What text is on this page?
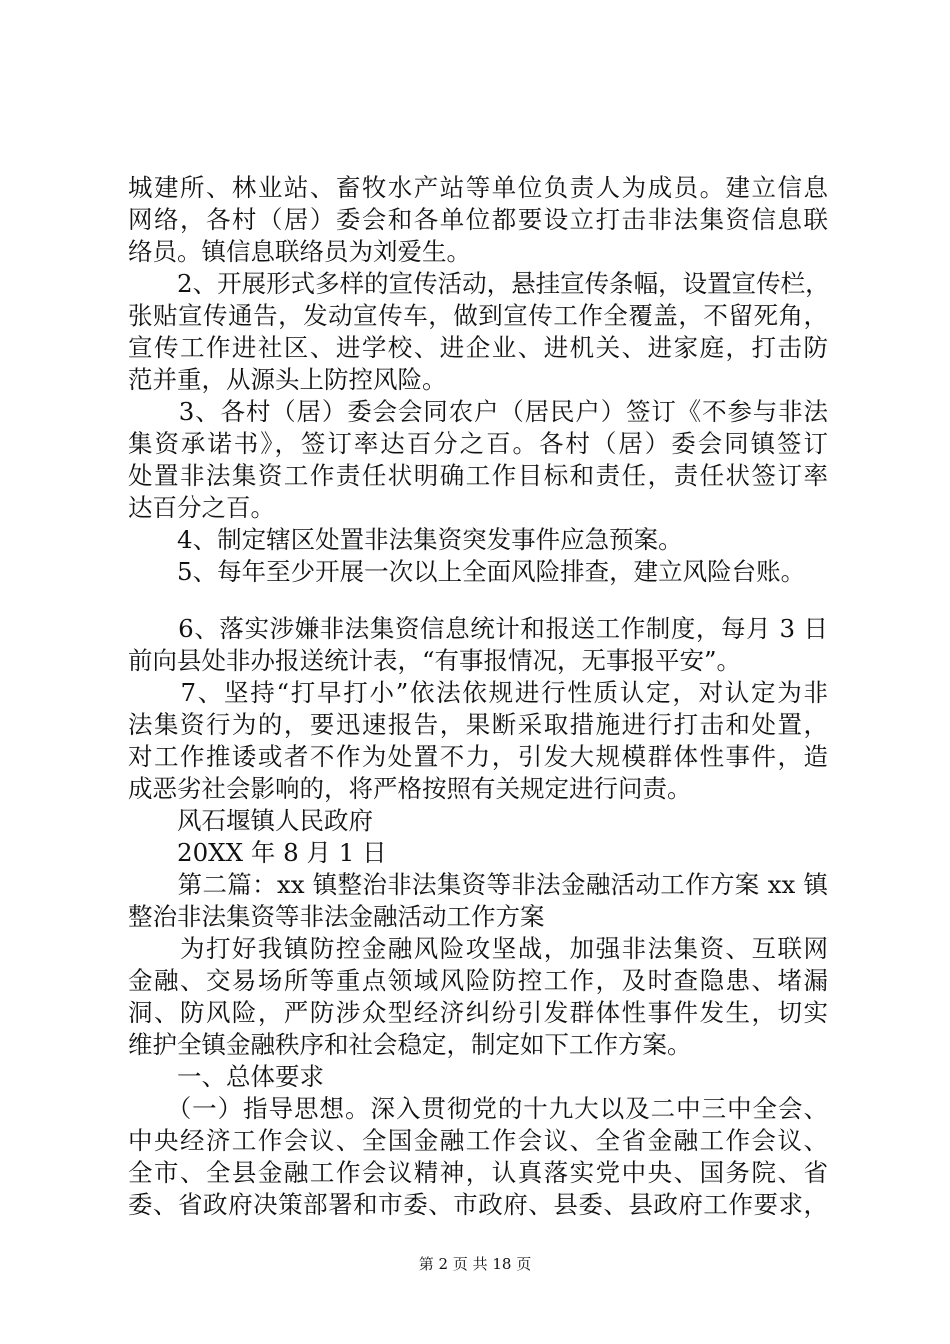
城建所、林业站、畜牧水产站等单位负责人为成员。建立信息
网络，各村（居）委会和各单位都要设立打击非法集资信息联
络员。镇信息联络员为刘爱生。
　　2、开展形式多样的宣传活动，悬挂宣传条幅，设置宣传栏，
张贴宣传通告，发动宣传车，做到宣传工作全覆盖，不留死角，
宣传工作进社区、进学校、进企业、进机关、进家庭，打击防
范并重，从源头上防控风险。
　　3、各村（居）委会会同农户（居民户）签订《不参与非法
集资承诺书》，签订率达百分之百。各村（居）委会同镇签订
处置非法集资工作责任状明确工作目标和责任，责任状签订率
达百分之百。
　　4、制定辖区处置非法集资突发事件应急预案。
　　5、每年至少开展一次以上全面风险排查，建立风险台账。
　　6、落实涉嫌非法集资信息统计和报送工作制度，每月 3 日
前向县处非办报送统计表，“有事报情况，无事报平安”。
　　7、坚持“打早打小”依法依规进行性质认定，对认定为非
法集资行为的，要迅速报告，果断采取措施进行打击和处置，
对工作推诿或者不作为处置不力，引发大规模群体性事件，造
成恶劣社会影响的，将严格按照有关规定进行问责。
　　风石堰镇人民政府
　　20XX 年 8 月 1 日
　　第二篇：xx 镇整治非法集资等非法金融活动工作方案 xx 镇
整治非法集资等非法金融活动工作方案
　　为打好我镇防控金融风险攻坚战，加强非法集资、互联网
金融、交易场所等重点领域风险防控工作，及时查隐患、堵漏
洞、防风险，严防涉众型经济纠纷引发群体性事件发生，切实
维护全镇金融秩序和社会稳定，制定如下工作方案。
　　一、总体要求
　　（一）指导思想。深入贯彻党的十九大以及二中三中全会、
中央经济工作会议、全国金融工作会议、全省金融工作会议、
全市、全县金融工作会议精神，认真落实党中央、国务院、省
委、省政府决策部署和市委、市政府、县委、县政府工作要求，
第 2 页 共 18 页
